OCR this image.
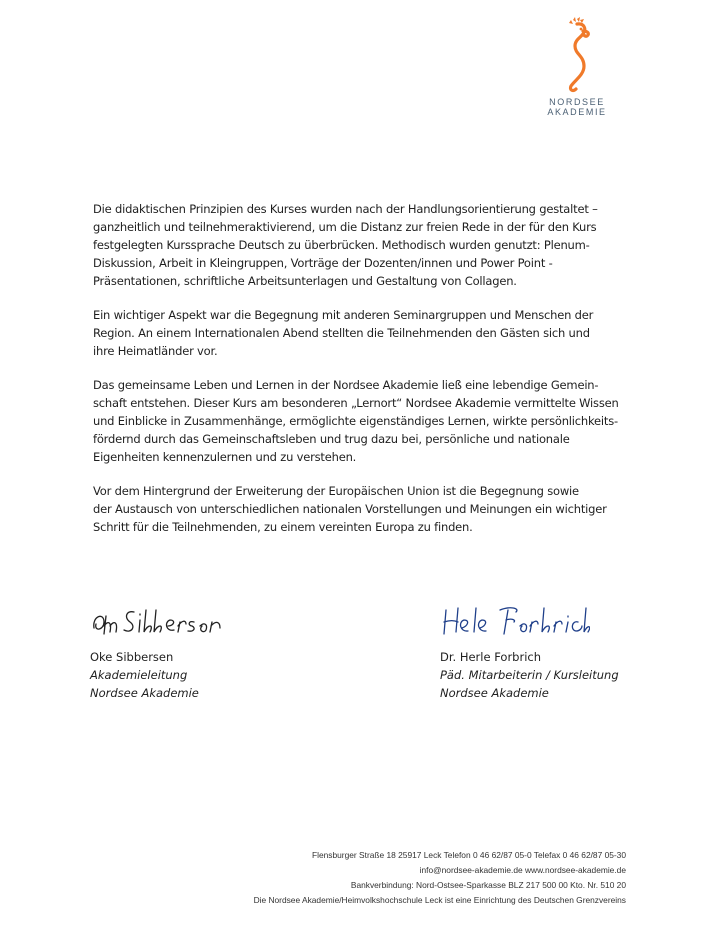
NORDSEE AKADEMIE

Die didaktischen Prinzipien des Kurses wurden nach der Handlungsorientierung gestaltet –
ganzheitlich und teilnehmeraktivierend, um die Distanz zur freien Rede in der für den Kurs
festgelegten Kurssprache Deutsch zu überbrücken. Methodisch wurden genutzt: Plenum-
Diskussion, Arbeit in Kleingruppen, Vorträge der Dozenten/innen und Power Point -
Präsentationen, schriftliche Arbeitsunterlagen und Gestaltung von Collagen.

Ein wichtiger Aspekt war die Begegnung mit anderen Seminargruppen und Menschen der
Region. An einem Internationalen Abend stellten die Teilnehmenden den Gästen sich und
ihre Heimatländer vor.

Das gemeinsame Leben und Lernen in der Nordsee Akademie ließ eine lebendige Gemein-
schaft entstehen. Dieser Kurs am besonderen „Lernort“ Nordsee Akademie vermittelte Wissen
und Einblicke in Zusammenhänge, ermöglichte eigenständiges Lernen, wirkte persönlichkeits-
fördernd durch das Gemeinschaftsleben und trug dazu bei, persönliche und nationale
Eigenheiten kennenzulernen und zu verstehen.

Vor dem Hintergrund der Erweiterung der Europäischen Union ist die Begegnung sowie
der Austausch von unterschiedlichen nationalen Vorstellungen und Meinungen ein wichtiger
Schritt für die Teilnehmenden, zu einem vereinten Europa zu finden.

Oke Sibbersen
Akademieleitung
Nordsee Akademie
Dr. Herle Forbrich
Päd. Mitarbeiterin / Kursleitung
Nordsee Akademie
Flensburger Straße 18 25917 Leck Telefon 0 46 62/87 05-0 Telefax 0 46 62/87 05-30
info@nordsee-akademie.de www.nordsee-akademie.de
Bankverbindung: Nord-Ostsee-Sparkasse BLZ 217 500 00 Kto. Nr. 510 20
Die Nordsee Akademie/Heimvolkshochschule Leck ist eine Einrichtung des Deutschen Grenzvereins
